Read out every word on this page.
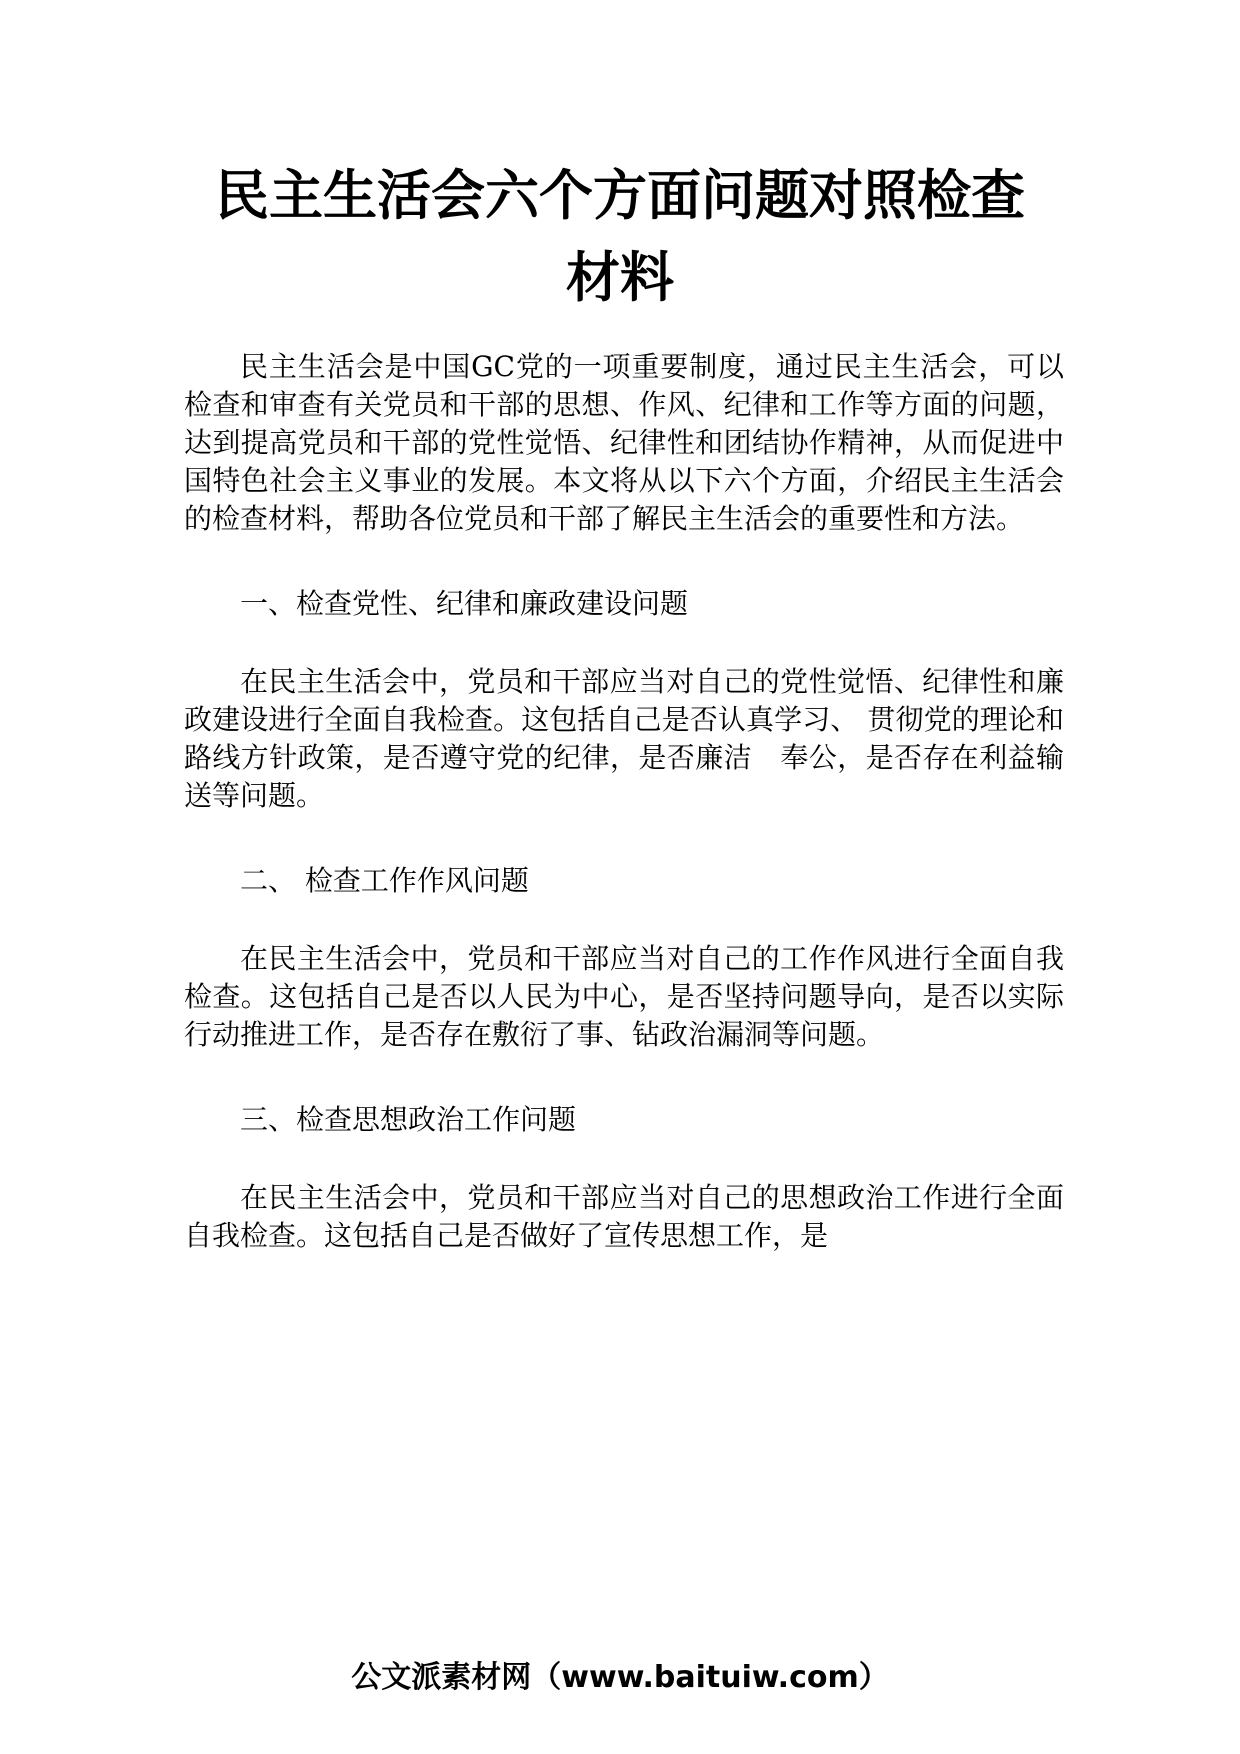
民主生活会六个方面问题对照检查
材料

民主生活会是中国GC党的一项重要制度，通过民主生活会，可以检查和审查有关党员和干部的思想、作风、纪律和工作等方面的问题，达到提高党员和干部的党性觉悟、纪律性和团结协作精神，从而促进中国特色社会主义事业的发展。本文将从以下六个方面，介绍民主生活会的检查材料，帮助各位党员和干部了解民主生活会的重要性和方法。

一、检查党性、纪律和廉政建设问题

在民主生活会中，党员和干部应当对自己的党性觉悟、纪律性和廉政建设进行全面自我检查。这包括自己是否认真学习、 贯彻党的理论和路线方针政策，是否遵守党的纪律，是否廉洁　奉公，是否存在利益输送等问题。

二、 检查工作作风问题

在民主生活会中，党员和干部应当对自己的工作作风进行全面自我检查。这包括自己是否以人民为中心，是否坚持问题导向，是否以实际行动推进工作，是否存在敷衍了事、钻政治漏洞等问题。

三、检查思想政治工作问题

在民主生活会中，党员和干部应当对自己的思想政治工作进行全面自我检查。这包括自己是否做好了宣传思想工作，是

公文派素材网（www.baituiw.com）
